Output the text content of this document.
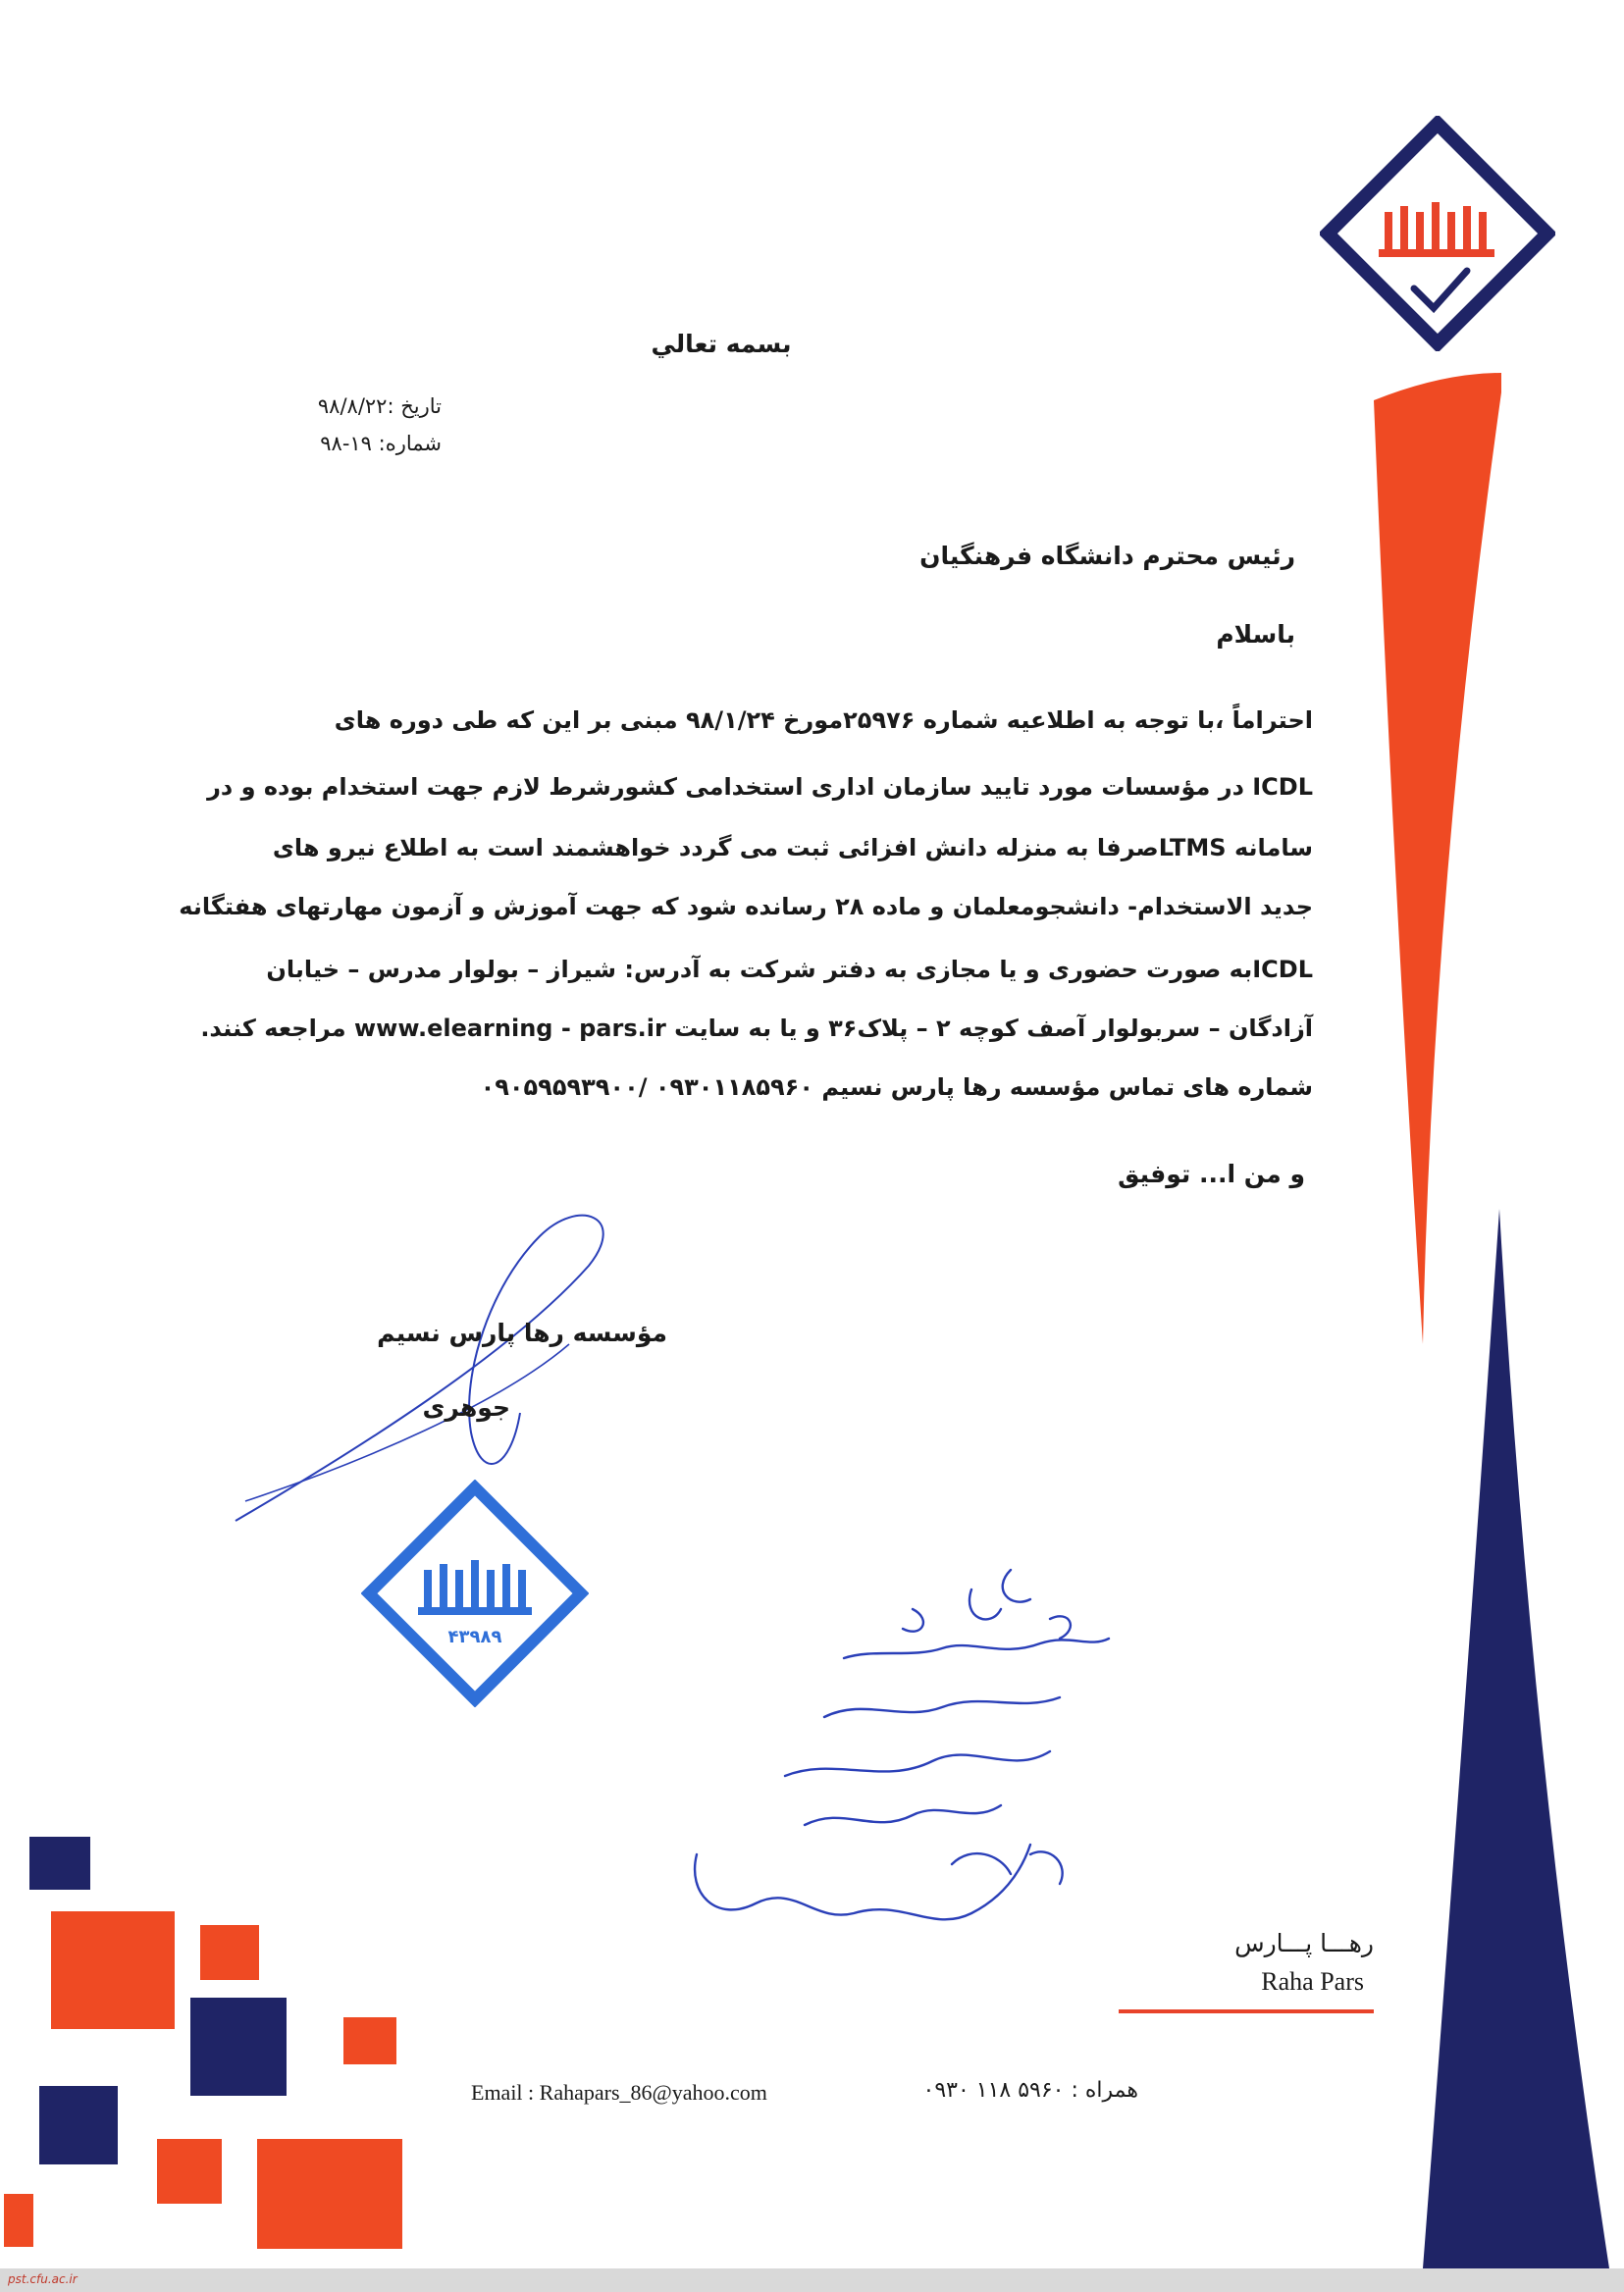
بسمه تعالي
تاریخ :۹۸/۸/۲۲
شماره: ۱۹-۹۸
رئیس محترم دانشگاه فرهنگیان
باسلام
احتراماً ،با توجه به اطلاعیه شماره ۲۵۹۷۶مورخ ۹۸/۱/۲۴ مبنی بر این که طی دوره های
ICDL در مؤسسات مورد تایید سازمان اداری استخدامی کشورشرط لازم جهت استخدام بوده و در
سامانه LTMSصرفا به منزله دانش افزائی ثبت می گردد خواهشمند است به اطلاع نیرو های
جدید الاستخدام- دانشجومعلمان و ماده ۲۸ رسانده شود که جهت آموزش و آزمون مهارتهای هفتگانه
ICDLبه صورت حضوری و یا مجازی به دفتر شرکت به آدرس: شیراز – بولوار مدرس – خیابان
آزادگان – سربولوار آصف کوچه ۲ – پلاک۳۶ و یا به سایت www.elearning - pars.ir مراجعه کنند.
شماره های تماس مؤسسه رها پارس نسیم ۰۹۳۰۱۱۸۵۹۶۰ /۰۹۰۵۹۵۹۳۹۰۰
و من ا... توفیق
مؤسسه رها پارس نسیم
جوهری
۴۳۹۸۹
رهـــا پـــارس
Raha Pars
Email : Rahapars_86@yahoo.com	همراه : ۵۹۶۰ ۱۱۸ ۰۹۳۰
pst.cfu.ac.ir
